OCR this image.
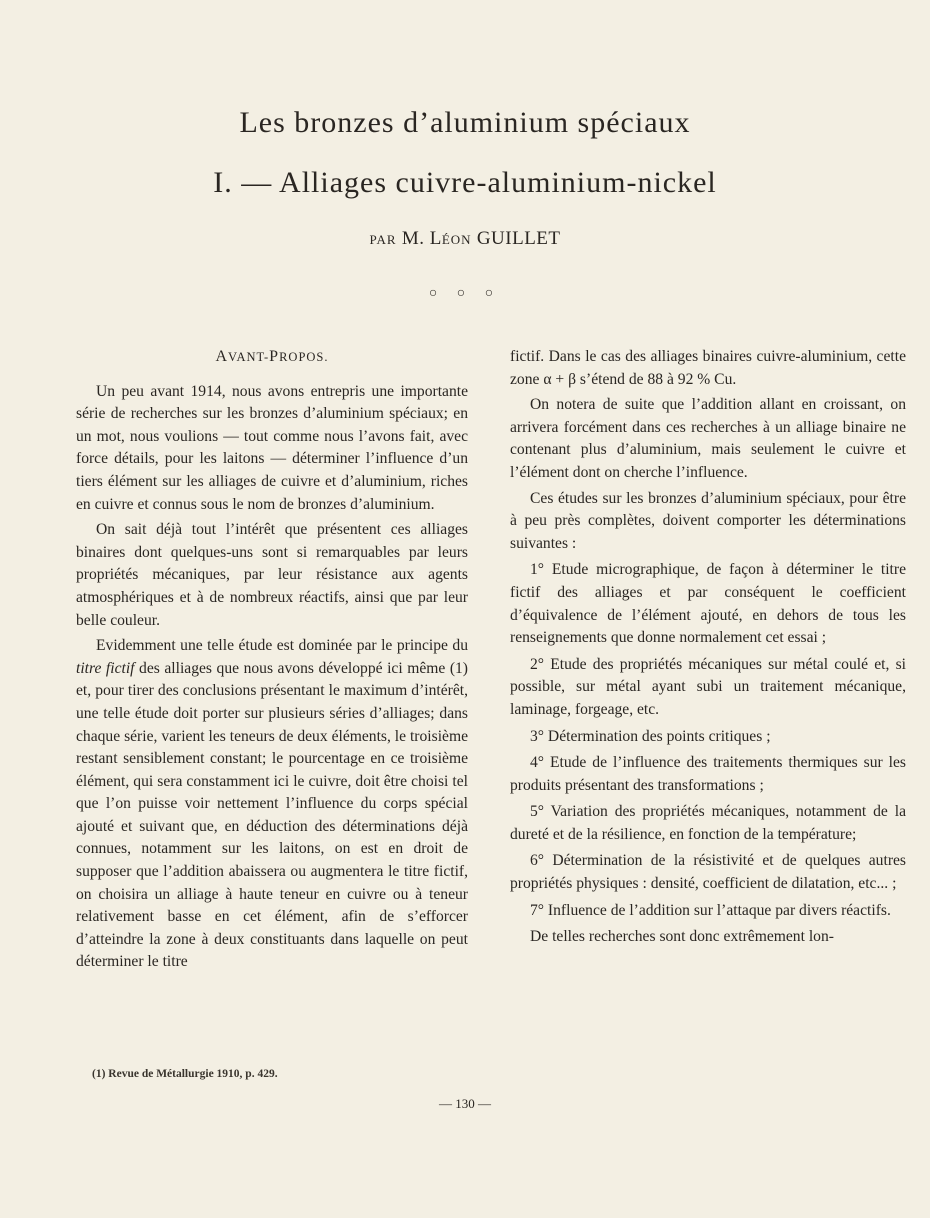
Les bronzes d’aluminium spéciaux
I. — Alliages cuivre-aluminium-nickel
PAR M. LÉON GUILLET
○ ○ ○
AVANT-PROPOS.

Un peu avant 1914, nous avons entrepris une importante série de recherches sur les bronzes d’aluminium spéciaux; en un mot, nous voulions — tout comme nous l’avons fait, avec force détails, pour les laitons — déterminer l’influence d’un tiers élément sur les alliages de cuivre et d’aluminium, riches en cuivre et connus sous le nom de bronzes d’aluminium.

On sait déjà tout l’intérêt que présentent ces alliages binaires dont quelques-uns sont si remarquables par leurs propriétés mécaniques, par leur résistance aux agents atmosphériques et à de nombreux réactifs, ainsi que par leur belle couleur.

Evidemment une telle étude est dominée par le principe du titre fictif des alliages que nous avons développé ici même (1) et, pour tirer des conclusions présentant le maximum d’intérêt, une telle étude doit porter sur plusieurs séries d’alliages; dans chaque série, varient les teneurs de deux éléments, le troisième restant sensiblement constant; le pourcentage en ce troisième élément, qui sera constamment ici le cuivre, doit être choisi tel que l’on puisse voir nettement l’influence du corps spécial ajouté et suivant que, en déduction des déterminations déjà connues, notamment sur les laitons, on est en droit de supposer que l’addition abaissera ou augmentera le titre fictif, on choisira un alliage à haute teneur en cuivre ou à teneur relativement basse en cet élément, afin de s’efforcer d’atteindre la zone à deux constituants dans laquelle on peut déterminer le titre

fictif. Dans le cas des alliages binaires cuivre-aluminium, cette zone α + β s’étend de 88 à 92 % Cu.

On notera de suite que l’addition allant en croissant, on arrivera forcément dans ces recherches à un alliage binaire ne contenant plus d’aluminium, mais seulement le cuivre et l’élément dont on cherche l’influence.

Ces études sur les bronzes d’aluminium spéciaux, pour être à peu près complètes, doivent comporter les déterminations suivantes :

1° Etude micrographique, de façon à déterminer le titre fictif des alliages et par conséquent le coefficient d’équivalence de l’élément ajouté, en dehors de tous les renseignements que donne normalement cet essai ;

2° Etude des propriétés mécaniques sur métal coulé et, si possible, sur métal ayant subi un traitement mécanique, laminage, forgeage, etc.

3° Détermination des points critiques ;

4° Etude de l’influence des traitements thermiques sur les produits présentant des transformations ;

5° Variation des propriétés mécaniques, notamment de la dureté et de la résilience, en fonction de la température;

6° Détermination de la résistivité et de quelques autres propriétés physiques : densité, coefficient de dilatation, etc... ;

7° Influence de l’addition sur l’attaque par divers réactifs.

De telles recherches sont donc extrêmement lon-

(1) Revue de Métallurgie 1910, p. 429.
— 130 —
